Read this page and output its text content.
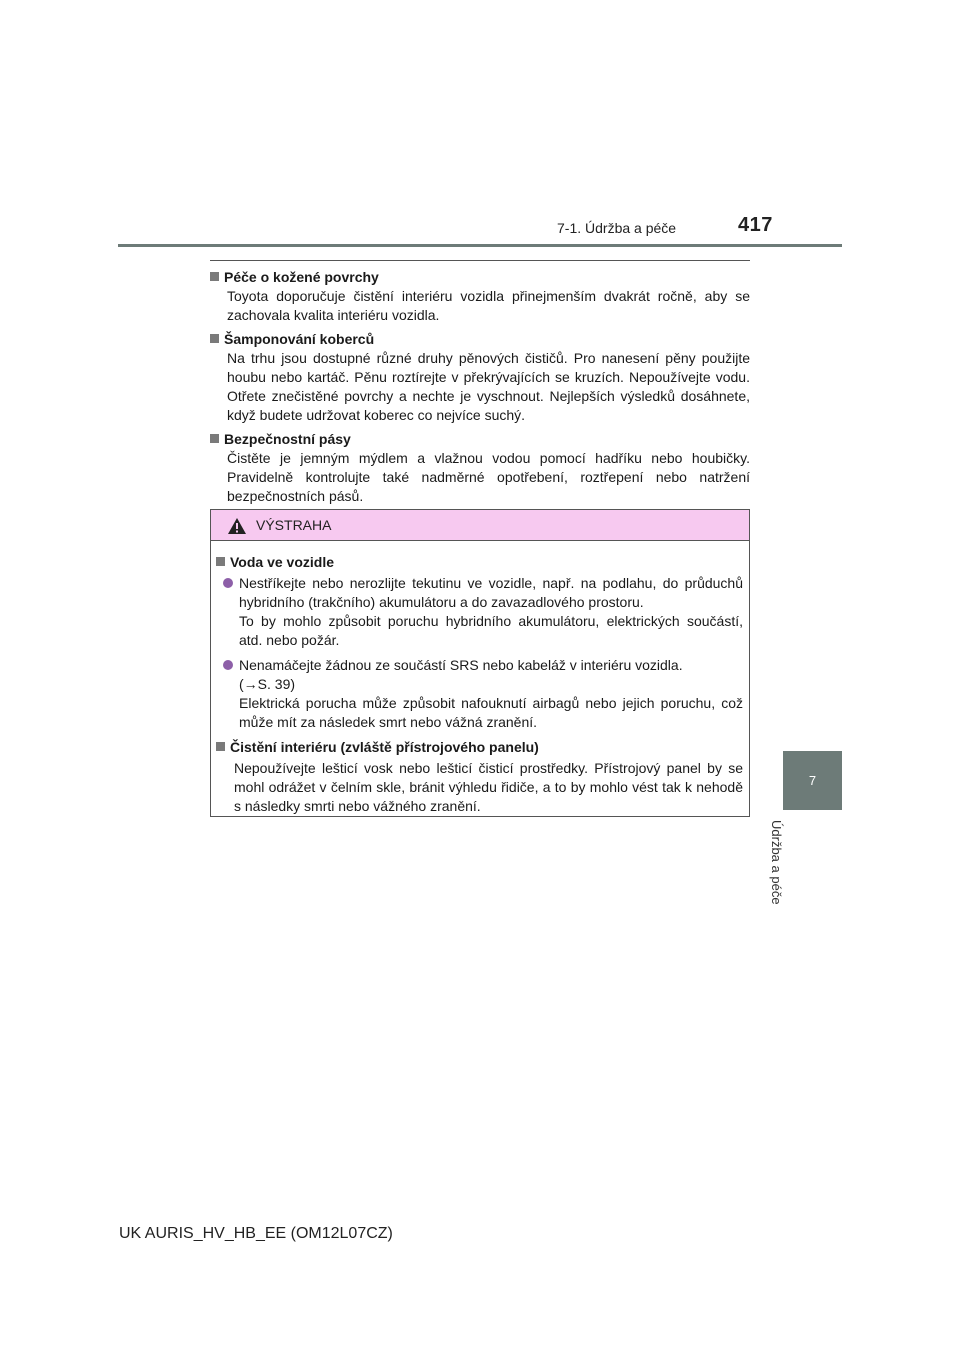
7-1. Údržba a péče	417
7
Údržba a péče
Péče o kožené povrchy
Toyota doporučuje čistění interiéru vozidla přinejmenším dvakrát ročně, aby se zachovala kvalita interiéru vozidla.
Šamponování koberců
Na trhu jsou dostupné různé druhy pěnových čističů. Pro nanesení pěny použijte houbu nebo kartáč. Pěnu roztírejte v překrývajících se kruzích. Nepoužívejte vodu. Otřete znečistěné povrchy a nechte je vyschnout. Nejlepších výsledků dosáhnete, když budete udržovat koberec co nejvíce suchý.
Bezpečnostní pásy
Čistěte je jemným mýdlem a vlažnou vodou pomocí hadříku nebo houbičky. Pravidelně kontrolujte také nadměrné opotřebení, roztřepení nebo natržení bezpečnostních pásů.
VÝSTRAHA
Voda ve vozidle
Nestříkejte nebo nerozlijte tekutinu ve vozidle, např. na podlahu, do průduchů hybridního (trakčního) akumulátoru a do zavazadlového prostoru.
To by mohlo způsobit poruchu hybridního akumulátoru, elektrických součástí, atd. nebo požár.
Nenamáčejte žádnou ze součástí SRS nebo kabeláž v interiéru vozidla.
(→S. 39)
Elektrická porucha může způsobit nafouknutí airbagů nebo jejich poruchu, což může mít za následek smrt nebo vážná zranění.
Čistění interiéru (zvláště přístrojového panelu)
Nepoužívejte lešticí vosk nebo lešticí čisticí prostředky. Přístrojový panel by se mohl odrážet v čelním skle, bránit výhledu řidiče, a to by mohlo vést tak k nehodě s následky smrti nebo vážného zranění.
UK AURIS_HV_HB_EE (OM12L07CZ)
